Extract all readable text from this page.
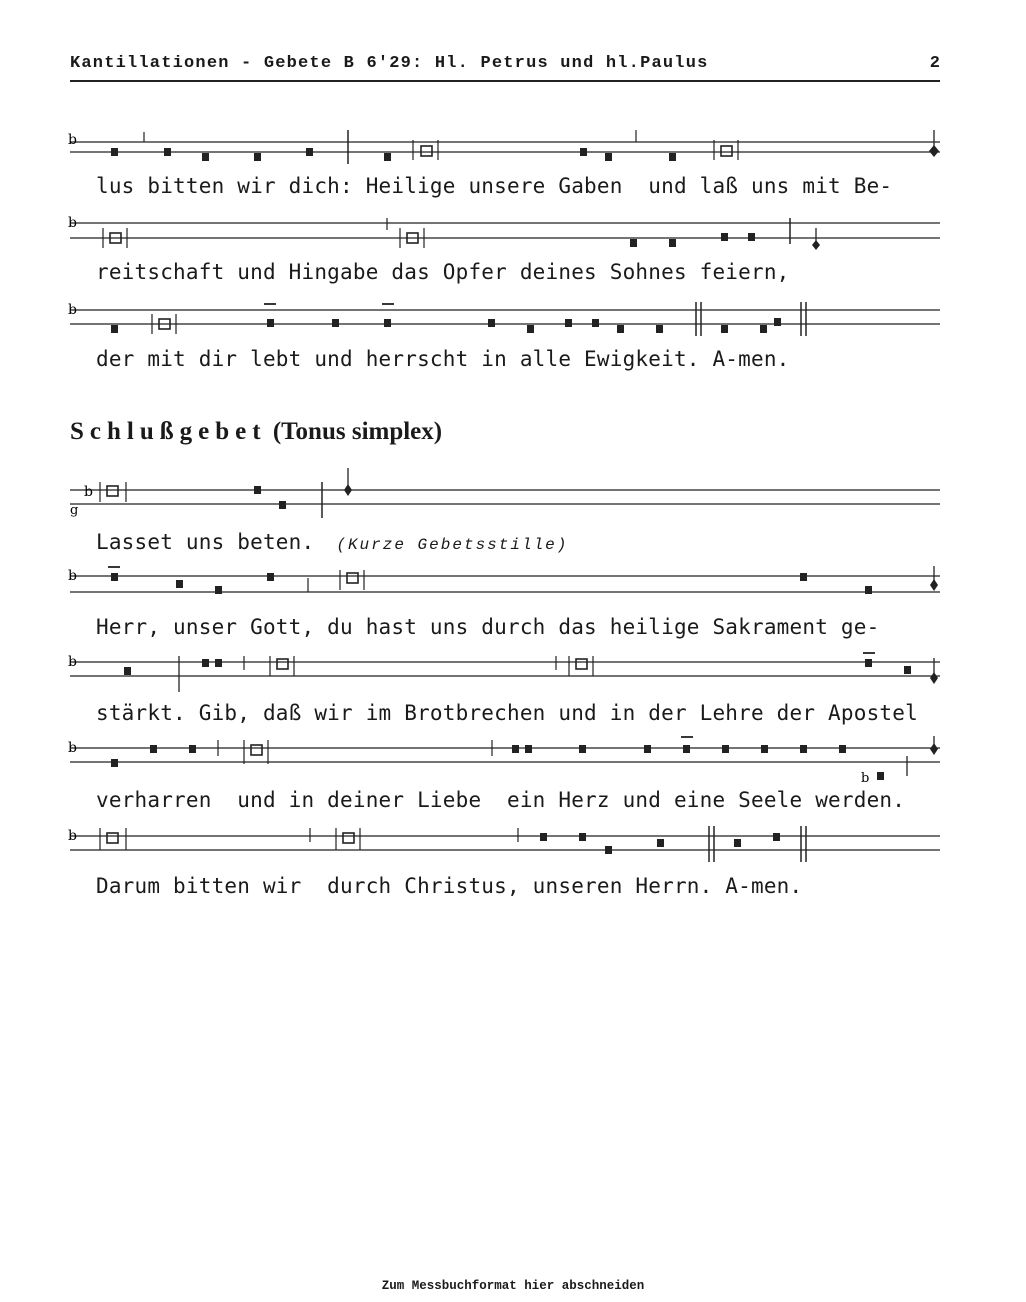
Kantillationen - Gebete B 6'29: Hl. Petrus und hl.Paulus	2
b
lus bitten wir dich: Heilige unsere Gaben  und laß uns mit Be-
b
reitschaft und Hingabe das Opfer deines Sohnes feiern,
b
der mit dir lebt und herrscht in alle Ewigkeit. A-men.
Schlußgebet (Tonus simplex)
b
g
Lasset uns beten. (Kurze Gebetsstille)
b
Herr, unser Gott, du hast uns durch das heilige Sakrament ge-
b
stärkt. Gib, daß wir im Brotbrechen und in der Lehre der Apostel
b
b
verharren  und in deiner Liebe  ein Herz und eine Seele werden.
b
Darum bitten wir  durch Christus, unseren Herrn. A-men.
Zum Messbuchformat hier abschneiden
